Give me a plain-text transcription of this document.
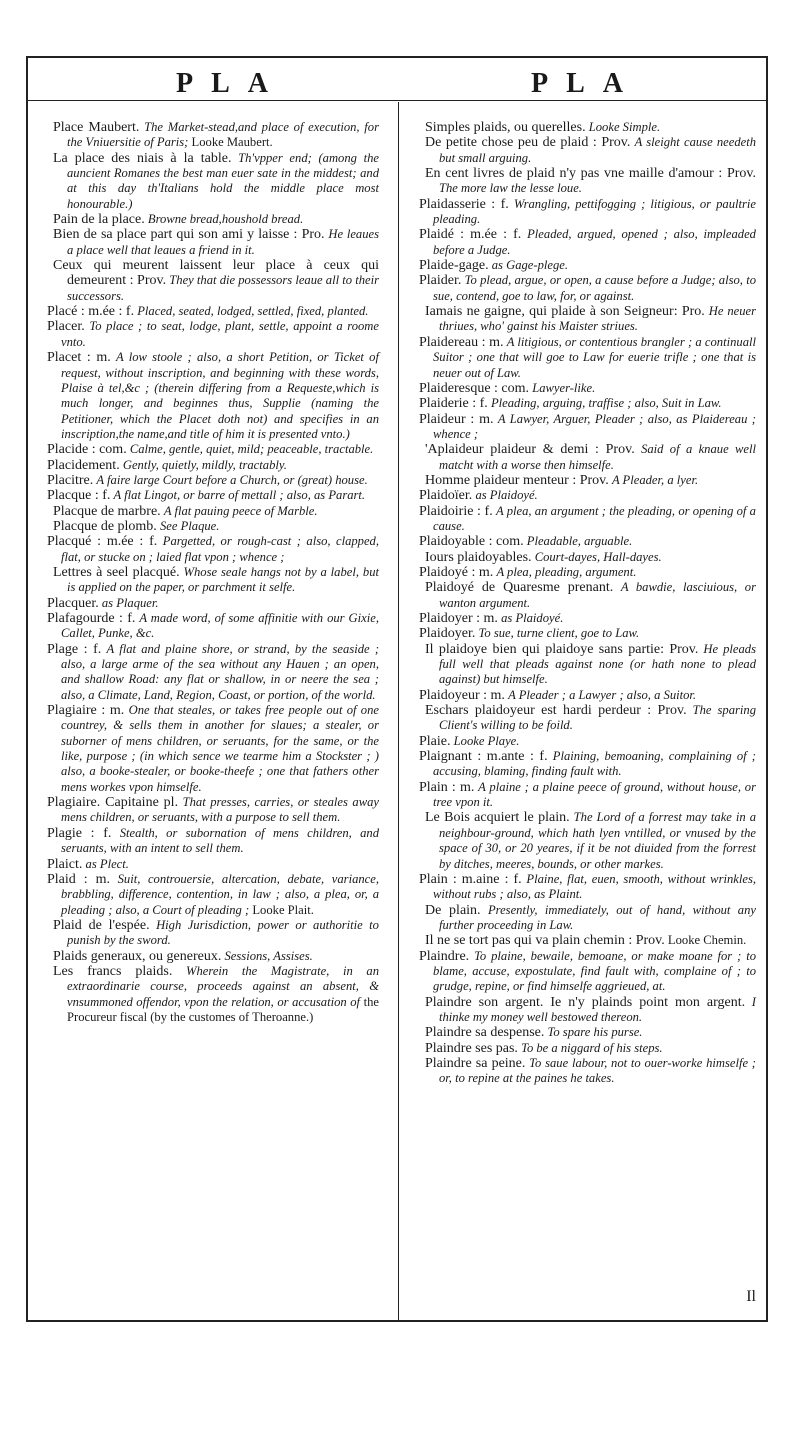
PLA	PLA

Place Maubert. The Market-stead,and place of execution, for the Vniuersitie of Paris; Looke Maubert.

La place des niais à la table. Th'vpper end; (among the auncient Romanes the best man euer sate in the middest; and at this day th'Italians hold the middle place most honourable.)

Pain de la place. Browne bread,houshold bread.

Bien de sa place part qui son ami y laisse : Pro. He leaues a place well that leaues a friend in it.

Ceux qui meurent laissent leur place à ceux qui demeurent : Prov. They that die possessors leaue all to their successors.

Placé : m.ée : f. Placed, seated, lodged, settled, fixed, planted.

Placer. To place ; to seat, lodge, plant, settle, appoint a roome vnto.

Placet : m. A low stoole ; also, a short Petition, or Ticket of request, without inscription, and beginning with these words, Plaise à tel,&c ; (therein differing from a Requeste,which is much longer, and beginnes thus, Supplie (naming the Petitioner, which the Placet doth not) and specifies in an inscription,the name,and title of him it is presented vnto.)

Placide : com. Calme, gentle, quiet, mild; peaceable, tractable.

Placidement. Gently, quietly, mildly, tractably.

Placitre. A faire large Court before a Church, or (great) house.

Placque : f. A flat Lingot, or barre of mettall ; also, as Parart.

Placque de marbre. A flat pauing peece of Marble.

Placque de plomb. See Plaque.

Placqué : m.ée : f. Pargetted, or rough-cast ; also, clapped, flat, or stucke on ; laied flat vpon ; whence ;

Lettres à seel placqué. Whose seale hangs not by a label, but is applied on the paper, or parchment it selfe.

Placquer. as Plaquer.

Plafagourde : f. A made word, of some affinitie with our Gixie, Callet, Punke, &c.

Plage : f. A flat and plaine shore, or strand, by the seaside ; also, a large arme of the sea without any Hauen ; an open, and shallow Road: any flat or shallow, in or neere the sea ; also, a Climate, Land, Region, Coast, or portion, of the world.

Plagiaire : m. One that steales, or takes free people out of one countrey, & sells them in another for slaues; a stealer, or suborner of mens children, or seruants, for the same, or the like, purpose ; (in which sence we tearme him a Stockster ; ) also, a booke-stealer, or booke-theefe ; one that fathers other mens workes vpon himselfe.

Plagiaire. Capitaine pl. That presses, carries, or steales away mens children, or seruants, with a purpose to sell them.

Plagie : f. Stealth, or subornation of mens children, and seruants, with an intent to sell them.

Plaict. as Plect.

Plaid : m. Suit, controuersie, altercation, debate, variance, brabbling, difference, contention, in law ; also, a plea, or, a pleading ; also, a Court of pleading ; Looke Plait.

Plaid de l'espée. High Jurisdiction, power or authoritie to punish by the sword.

Plaids generaux, ou genereux. Sessions, Assises.

Les francs plaids. Wherein the Magistrate, in an extraordinarie course, proceeds against an absent, & vnsummoned offendor, vpon the relation, or accusation of the Procureur fiscal (by the customes of Theroanne.)

Simples plaids, ou querelles. Looke Simple.

De petite chose peu de plaid : Prov. A sleight cause needeth but small arguing.

En cent livres de plaid n'y pas vne maille d'amour : Prov. The more law the lesse loue.

Plaidasserie : f. Wrangling, pettifogging ; litigious, or paultrie pleading.

Plaidé : m.ée : f. Pleaded, argued, opened ; also, impleaded before a Judge.

Plaide-gage. as Gage-plege.

Plaider. To plead, argue, or open, a cause before a Judge; also, to sue, contend, goe to law, for, or against.

Iamais ne gaigne, qui plaide à son Seigneur: Pro. He neuer thriues, who' gainst his Maister striues.

Plaidereau : m. A litigious, or contentious brangler ; a continuall Suitor ; one that will goe to Law for euerie trifle ; one that is neuer out of Law.

Plaideresque : com. Lawyer-like.

Plaiderie : f. Pleading, arguing, traffise ; also, Suit in Law.

Plaideur : m. A Lawyer, Arguer, Pleader ; also, as Plaidereau ; whence ;

'Aplaideur plaideur & demi : Prov. Said of a knaue well matcht with a worse then himselfe.

Homme plaideur menteur : Prov. A Pleader, a lyer.

Plaidoïer. as Plaidoyé.

Plaidoirie : f. A plea, an argument ; the pleading, or opening of a cause.

Plaidoyable : com. Pleadable, arguable.

Iours plaidoyables. Court-dayes, Hall-dayes.

Plaidoyé : m. A plea, pleading, argument.

Plaidoyé de Quaresme prenant. A bawdie, lasciuious, or wanton argument.

Plaidoyer : m. as Plaidoyé.

Plaidoyer. To sue, turne client, goe to Law.

Il plaidoye bien qui plaidoye sans partie: Prov. He pleads full well that pleads against none (or hath none to plead against) but himselfe.

Plaidoyeur : m. A Pleader ; a Lawyer ; also, a Suitor.

Eschars plaidoyeur est hardi perdeur : Prov. The sparing Client's willing to be foild.

Plaie. Looke Playe.

Plaignant : m.ante : f. Plaining, bemoaning, complaining of ; accusing, blaming, finding fault with.

Plain : m. A plaine ; a plaine peece of ground, without house, or tree vpon it.

Le Bois acquiert le plain. The Lord of a forrest may take in a neighbour-ground, which hath lyen vntilled, or vnused by the space of 30, or 20 yeares, if it be not diuided from the forrest by ditches, meeres, bounds, or other markes.

Plain : m.aine : f. Plaine, flat, euen, smooth, without wrinkles, without rubs ; also, as Plaint.

De plain. Presently, immediately, out of hand, without any further proceeding in Law.

Il ne se tort pas qui va plain chemin : Prov. Looke Chemin.

Plaindre. To plaine, bewaile, bemoane, or make moane for ; to blame, accuse, expostulate, find fault with, complaine of ; to grudge, repine, or find himselfe aggrieued, at.

Plaindre son argent. Ie n'y plainds point mon argent. I thinke my money well bestowed thereon.

Plaindre sa despense. To spare his purse.

Plaindre ses pas. To be a niggard of his steps.

Plaindre sa peine. To saue labour, not to ouer-worke himselfe ; or, to repine at the paines he takes.

Il
